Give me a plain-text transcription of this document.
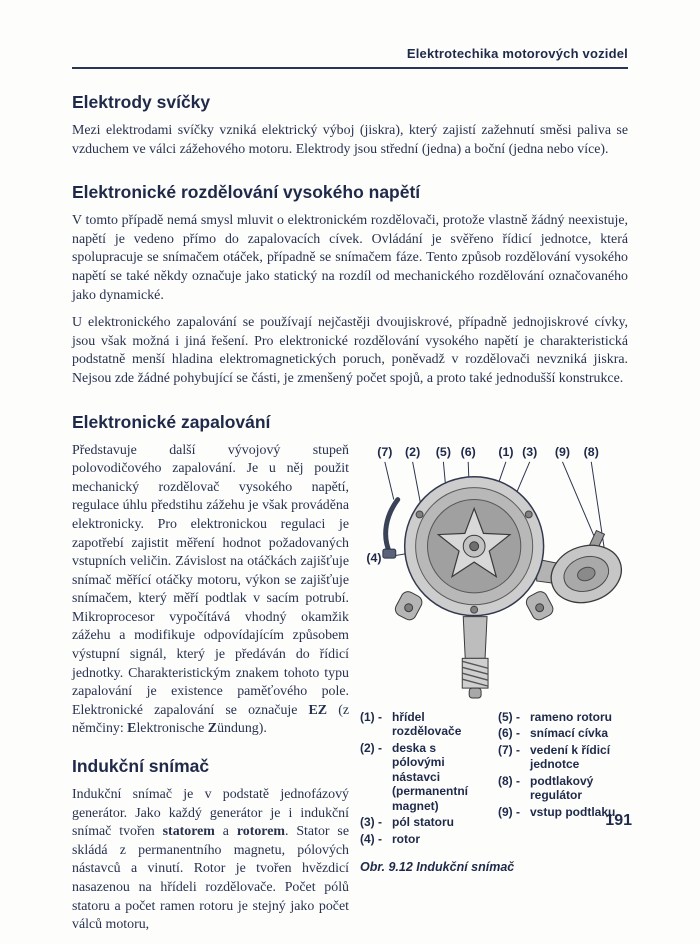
Elektrotechika motorových vozidel
Elektrody svíčky

Mezi elektrodami svíčky vzniká elektrický výboj (jiskra), který zajistí zažehnutí směsi paliva se vzduchem ve válci zážehového motoru. Elektrody jsou střední (jedna) a boční (jedna nebo více).

Elektronické rozdělování vysokého napětí

V tomto případě nemá smysl mluvit o elektronickém rozdělovači, protože vlastně žádný neexistuje, napětí je vedeno přímo do zapalovacích cívek. Ovládání je svěřeno řídicí jednotce, která spolupracuje se snímačem otáček, případně se snímačem fáze. Tento způsob rozdělování vysokého napětí se také někdy označuje jako statický na rozdíl od mechanického rozdělování označovaného jako dynamické.

U elektronického zapalování se používají nejčastěji dvoujiskrové, případně jednojiskrové cívky, jsou však možná i jiná řešení. Pro elektronické rozdělování vysokého napětí je charakteristická podstatně menší hladina elektromagnetických poruch, poněvadž v rozdělovači nevzniká jiskra. Nejsou zde žádné pohybující se části, je zmenšený počet spojů, a proto také jednodušší konstrukce.

Elektronické zapalování

Představuje další vývojový stupeň polovodičového zapalování. Je u něj použit mechanický rozdělovač vysokého napětí, regulace úhlu předstihu zážehu je však prováděna elektronicky. Pro elektronickou regulaci je zapotřebí zajistit měření hodnot požadovaných vstupních veličin. Závislost na otáčkách zajišťuje snímač měřící otáčky motoru, výkon se zajišťuje snímačem, který měří podtlak v sacím potrubí. Mikroprocesor vypočítává vhodný okamžik zážehu a modifikuje odpovídajícím způsobem výstupní signál, který je předáván do řídicí jednotky. Charakteristickým znakem tohoto typu zapalování je existence paměťového pole. Elektronické zapalování se označuje EZ (z němčiny: Elektronische Zündung).

Indukční snímač

Indukční snímač je v podstatě jednofázový generátor. Jako každý generátor je i indukční snímač tvořen statorem a rotorem. Stator se skládá z permanentního magnetu, pólových nástavců a vinutí. Rotor je tvořen hvězdicí nasazenou na hřídeli rozdělovače. Počet pólů statoru a počet ramen rotoru je stejný jako počet válců motoru,

(7) (2) (5) (6) (1) (3) (9) (8)
(4)
(1) - hřídel rozdělovače
(2) - deska s pólovými nástavci (permanentní magnet)
(3) - pól statoru
(4) - rotor
(5) - rameno rotoru
(6) - snímací cívka
(7) - vedení k řídicí jednotce
(8) - podtlakový regulátor
(9) - vstup podtlaku
Obr. 9.12 Indukční snímač
191
